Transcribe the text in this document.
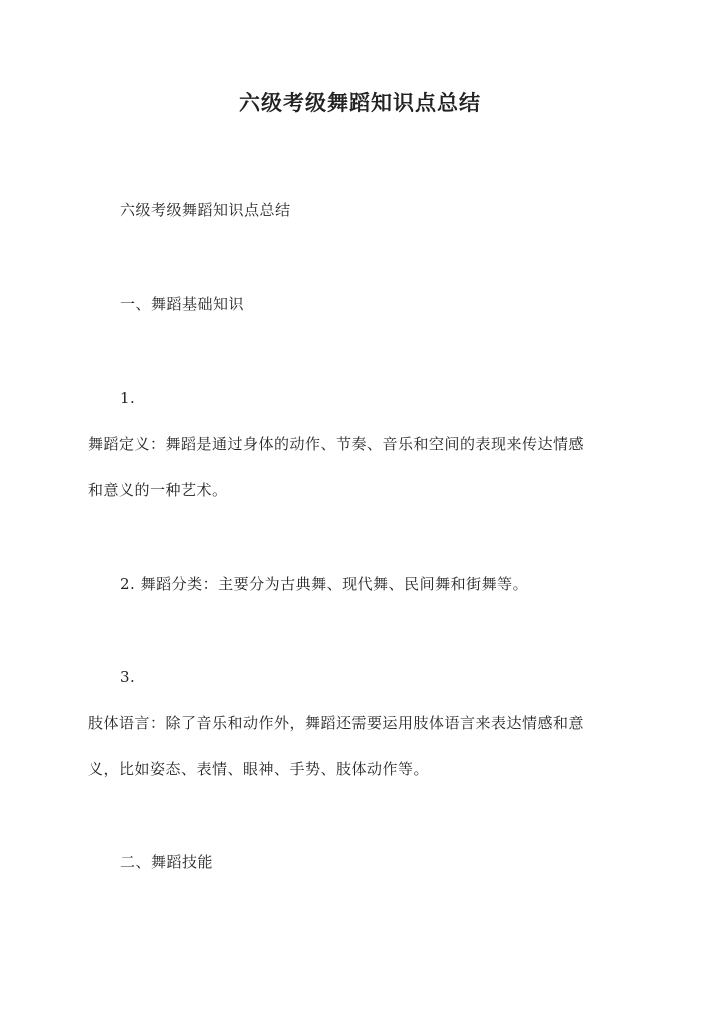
六级考级舞蹈知识点总结
六级考级舞蹈知识点总结
一、舞蹈基础知识
1.
舞蹈定义：舞蹈是通过身体的动作、节奏、音乐和空间的表现来传达情感
和意义的一种艺术。
2. 舞蹈分类：主要分为古典舞、现代舞、民间舞和街舞等。
3.
肢体语言：除了音乐和动作外，舞蹈还需要运用肢体语言来表达情感和意
义，比如姿态、表情、眼神、手势、肢体动作等。
二、舞蹈技能
